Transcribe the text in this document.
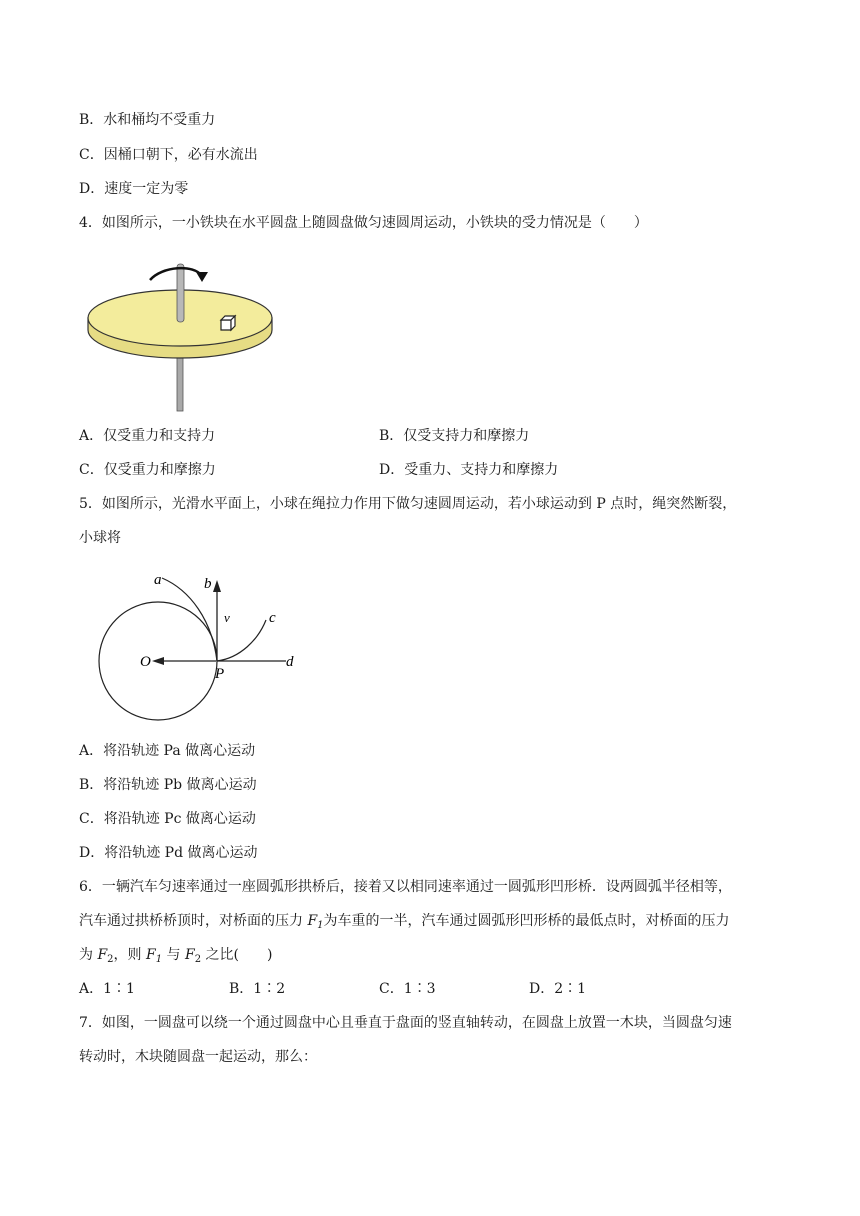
B．水和桶均不受重力
C．因桶口朝下，必有水流出
D．速度一定为零
4．如图所示，一小铁块在水平圆盘上随圆盘做匀速圆周运动，小铁块的受力情况是（　　）
A．仅受重力和支持力	B．仅受支持力和摩擦力
C．仅受重力和摩擦力	D．受重力、支持力和摩擦力
5．如图所示，光滑水平面上，小球在绳拉力作用下做匀速圆周运动，若小球运动到 P 点时，绳突然断裂，
小球将
a	b
v	c
d
O
P
A．将沿轨迹 Pa 做离心运动
B．将沿轨迹 Pb 做离心运动
C．将沿轨迹 Pc 做离心运动
D．将沿轨迹 Pd 做离心运动
6．一辆汽车匀速率通过一座圆弧形拱桥后，接着又以相同速率通过一圆弧形凹形桥．设两圆弧半径相等，
汽车通过拱桥桥顶时，对桥面的压力 $F_1$为车重的一半，汽车通过圆弧形凹形桥的最低点时，对桥面的压力
为 $F_2$，则 $F_1$ 与 $F_2$ 之比(　　)
A．1∶1	B．1∶2	C．1∶3	D．2∶1
7．如图，一圆盘可以绕一个通过圆盘中心且垂直于盘面的竖直轴转动，在圆盘上放置一木块，当圆盘匀速
转动时，木块随圆盘一起运动，那么：
